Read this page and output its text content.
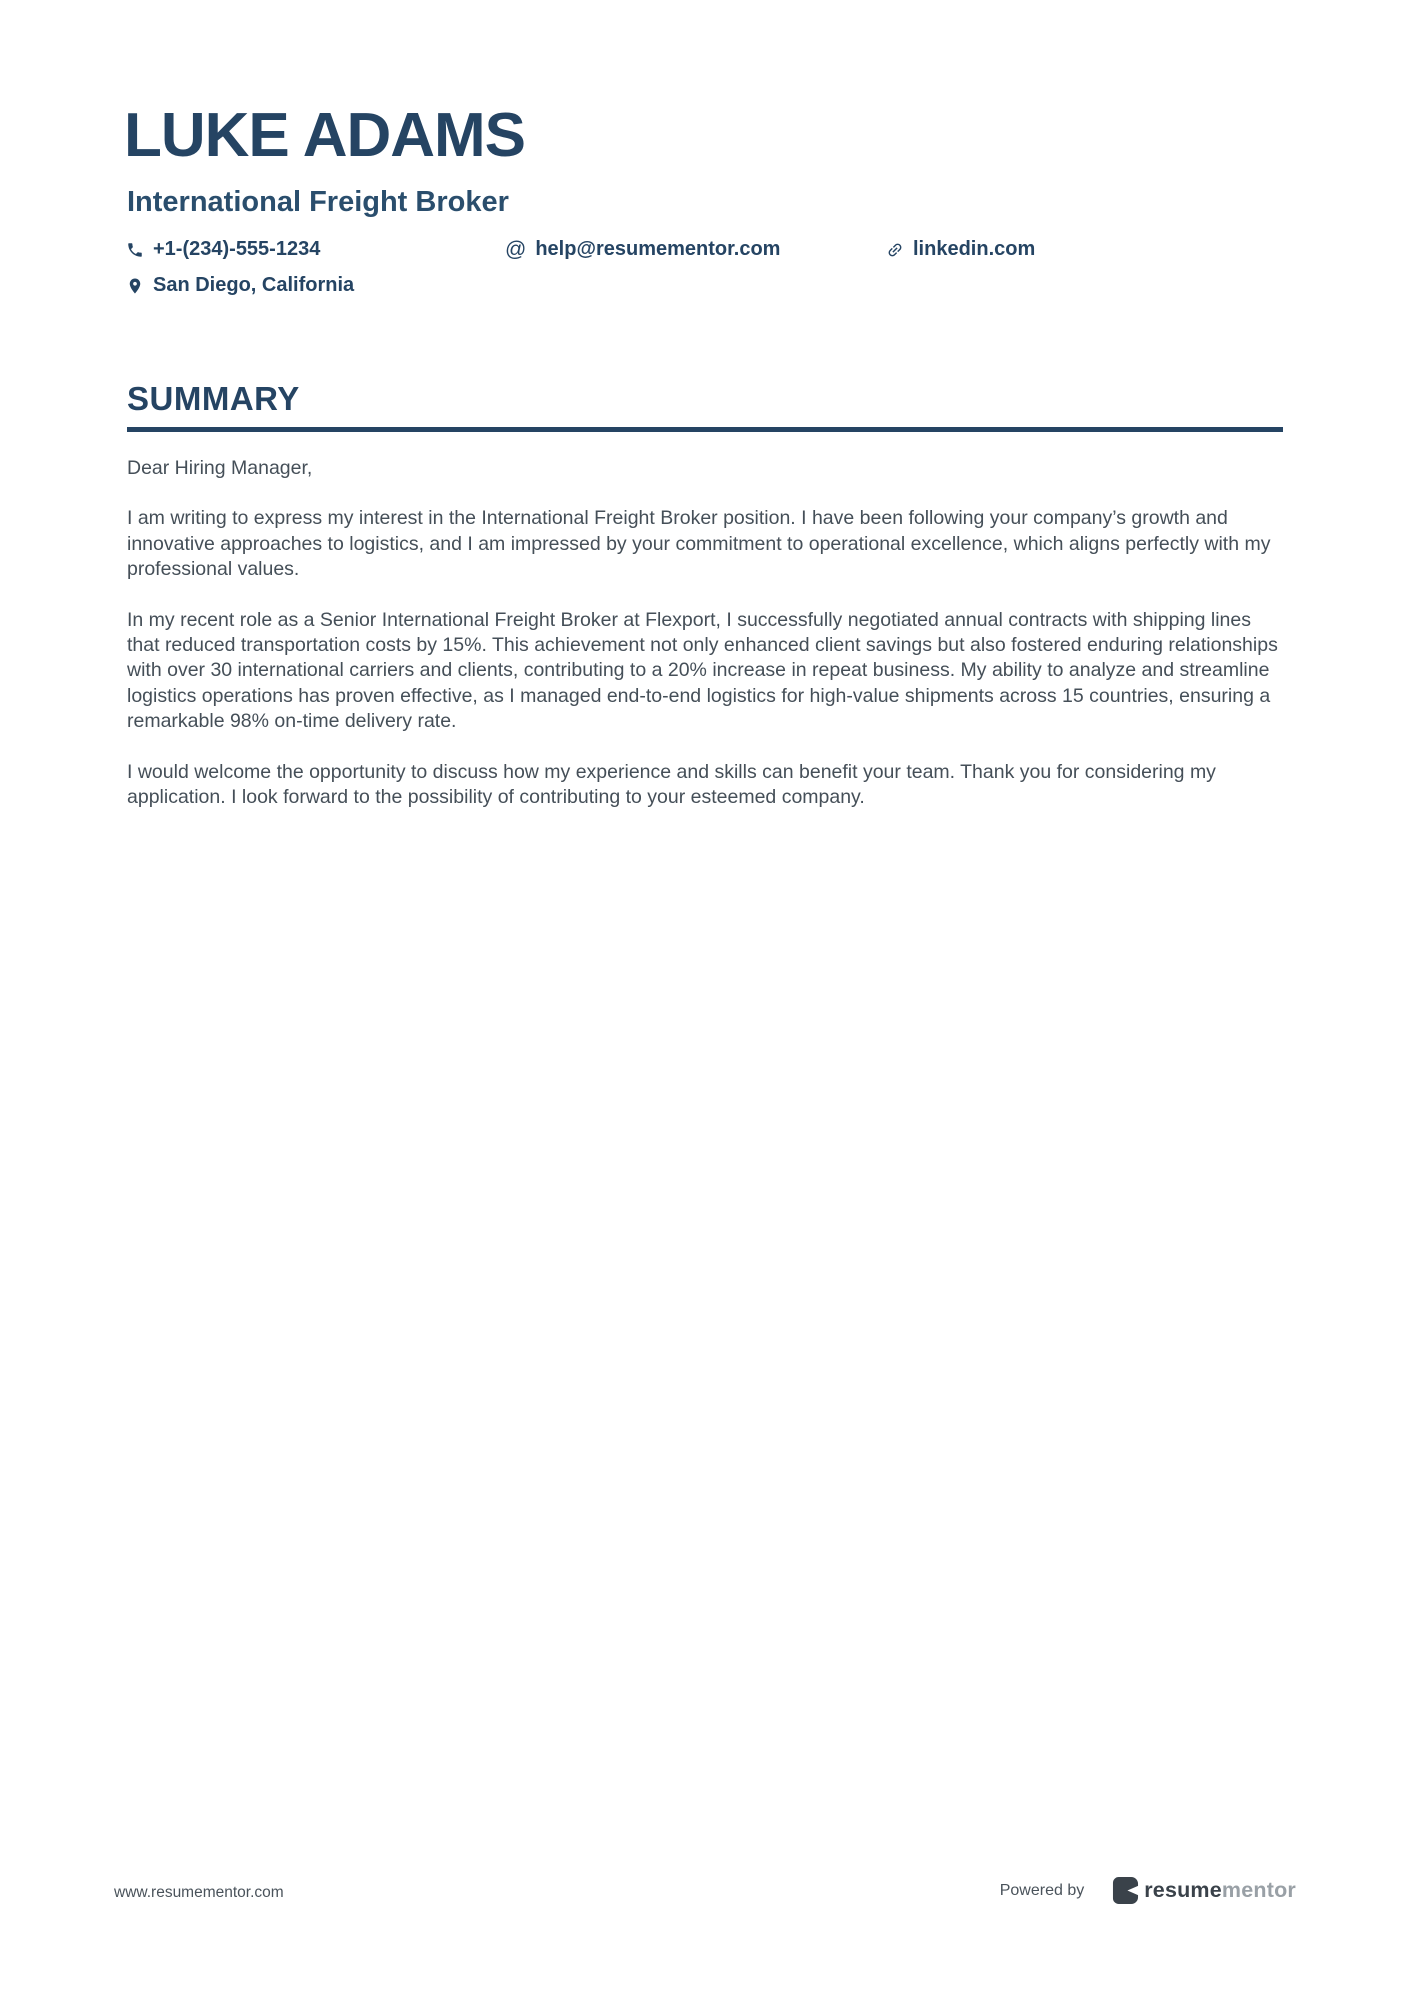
LUKE ADAMS
International Freight Broker
+1-(234)-555-1234	@ help@resumementor.com	linkedin.com
San Diego, California
SUMMARY

Dear Hiring Manager,

I am writing to express my interest in the International Freight Broker position. I have been following your company’s growth and innovative approaches to logistics, and I am impressed by your commitment to operational excellence, which aligns perfectly with my professional values.

In my recent role as a Senior International Freight Broker at Flexport, I successfully negotiated annual contracts with shipping lines that reduced transportation costs by 15%. This achievement not only enhanced client savings but also fostered enduring relationships with over 30 international carriers and clients, contributing to a 20% increase in repeat business. My ability to analyze and streamline logistics operations has proven effective, as I managed end-to-end logistics for high-value shipments across 15 countries, ensuring a remarkable 98% on-time delivery rate.

I would welcome the opportunity to discuss how my experience and skills can benefit your team. Thank you for considering my application. I look forward to the possibility of contributing to your esteemed company.

www.resumementor.com	Powered by	resumementor
